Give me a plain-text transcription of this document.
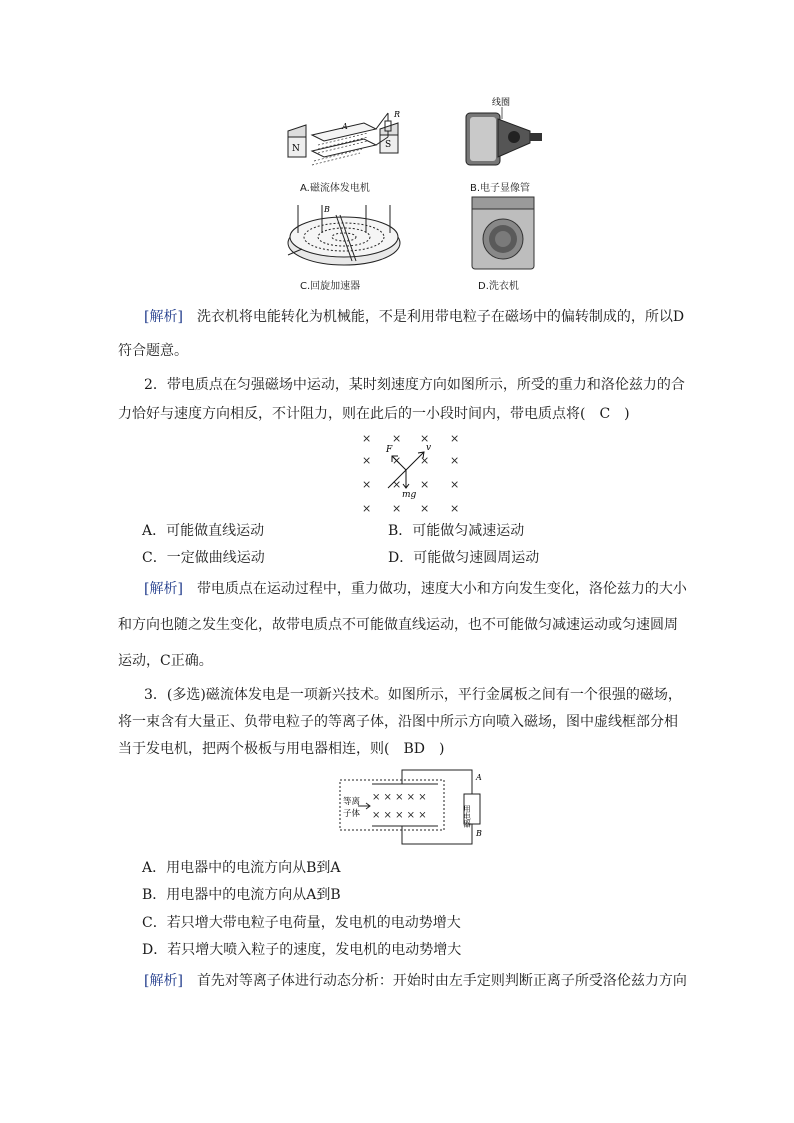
N	S
A
R
A.磁流体发电机
线圈
B.电子显像管
B
C.回旋加速器	D.洗衣机
[解析]　 洗衣机将电能转化为机械能，不是利用带电粒子在磁场中的偏转制成的，所以D
符合题意。
2．带电质点在匀强磁场中运动，某时刻速度方向如图所示，所受的重力和洛伦兹力的合
力恰好与速度方向相反，不计阻力，则在此后的一小段时间内，带电质点将(　C　)
× × × ×
× × × ×
× × × ×
× × × ×
F	v
mg
A．可能做直线运动	B．可能做匀减速运动
C．一定做曲线运动	D．可能做匀速圆周运动
[解析]　 带电质点在运动过程中，重力做功，速度大小和方向发生变化，洛伦兹力的大小
和方向也随之发生变化，故带电质点不可能做直线运动，也不可能做匀减速运动或匀速圆周
运动，C正确。
3．(多选)磁流体发电是一项新兴技术。如图所示，平行金属板之间有一个很强的磁场，
将一束含有大量正、负带电粒子的等离子体，沿图中所示方向喷入磁场，图中虚线框部分相
当于发电机，把两个极板与用电器相连，则(　BD　)
× × × × ×
× × × × ×
等离
子体	用电器
A
B
A．用电器中的电流方向从B到A
B．用电器中的电流方向从A到B
C．若只增大带电粒子电荷量，发电机的电动势增大
D．若只增大喷入粒子的速度，发电机的电动势增大
[解析]　 首先对等离子体进行动态分析：开始时由左手定则判断正离子所受洛伦兹力方向
